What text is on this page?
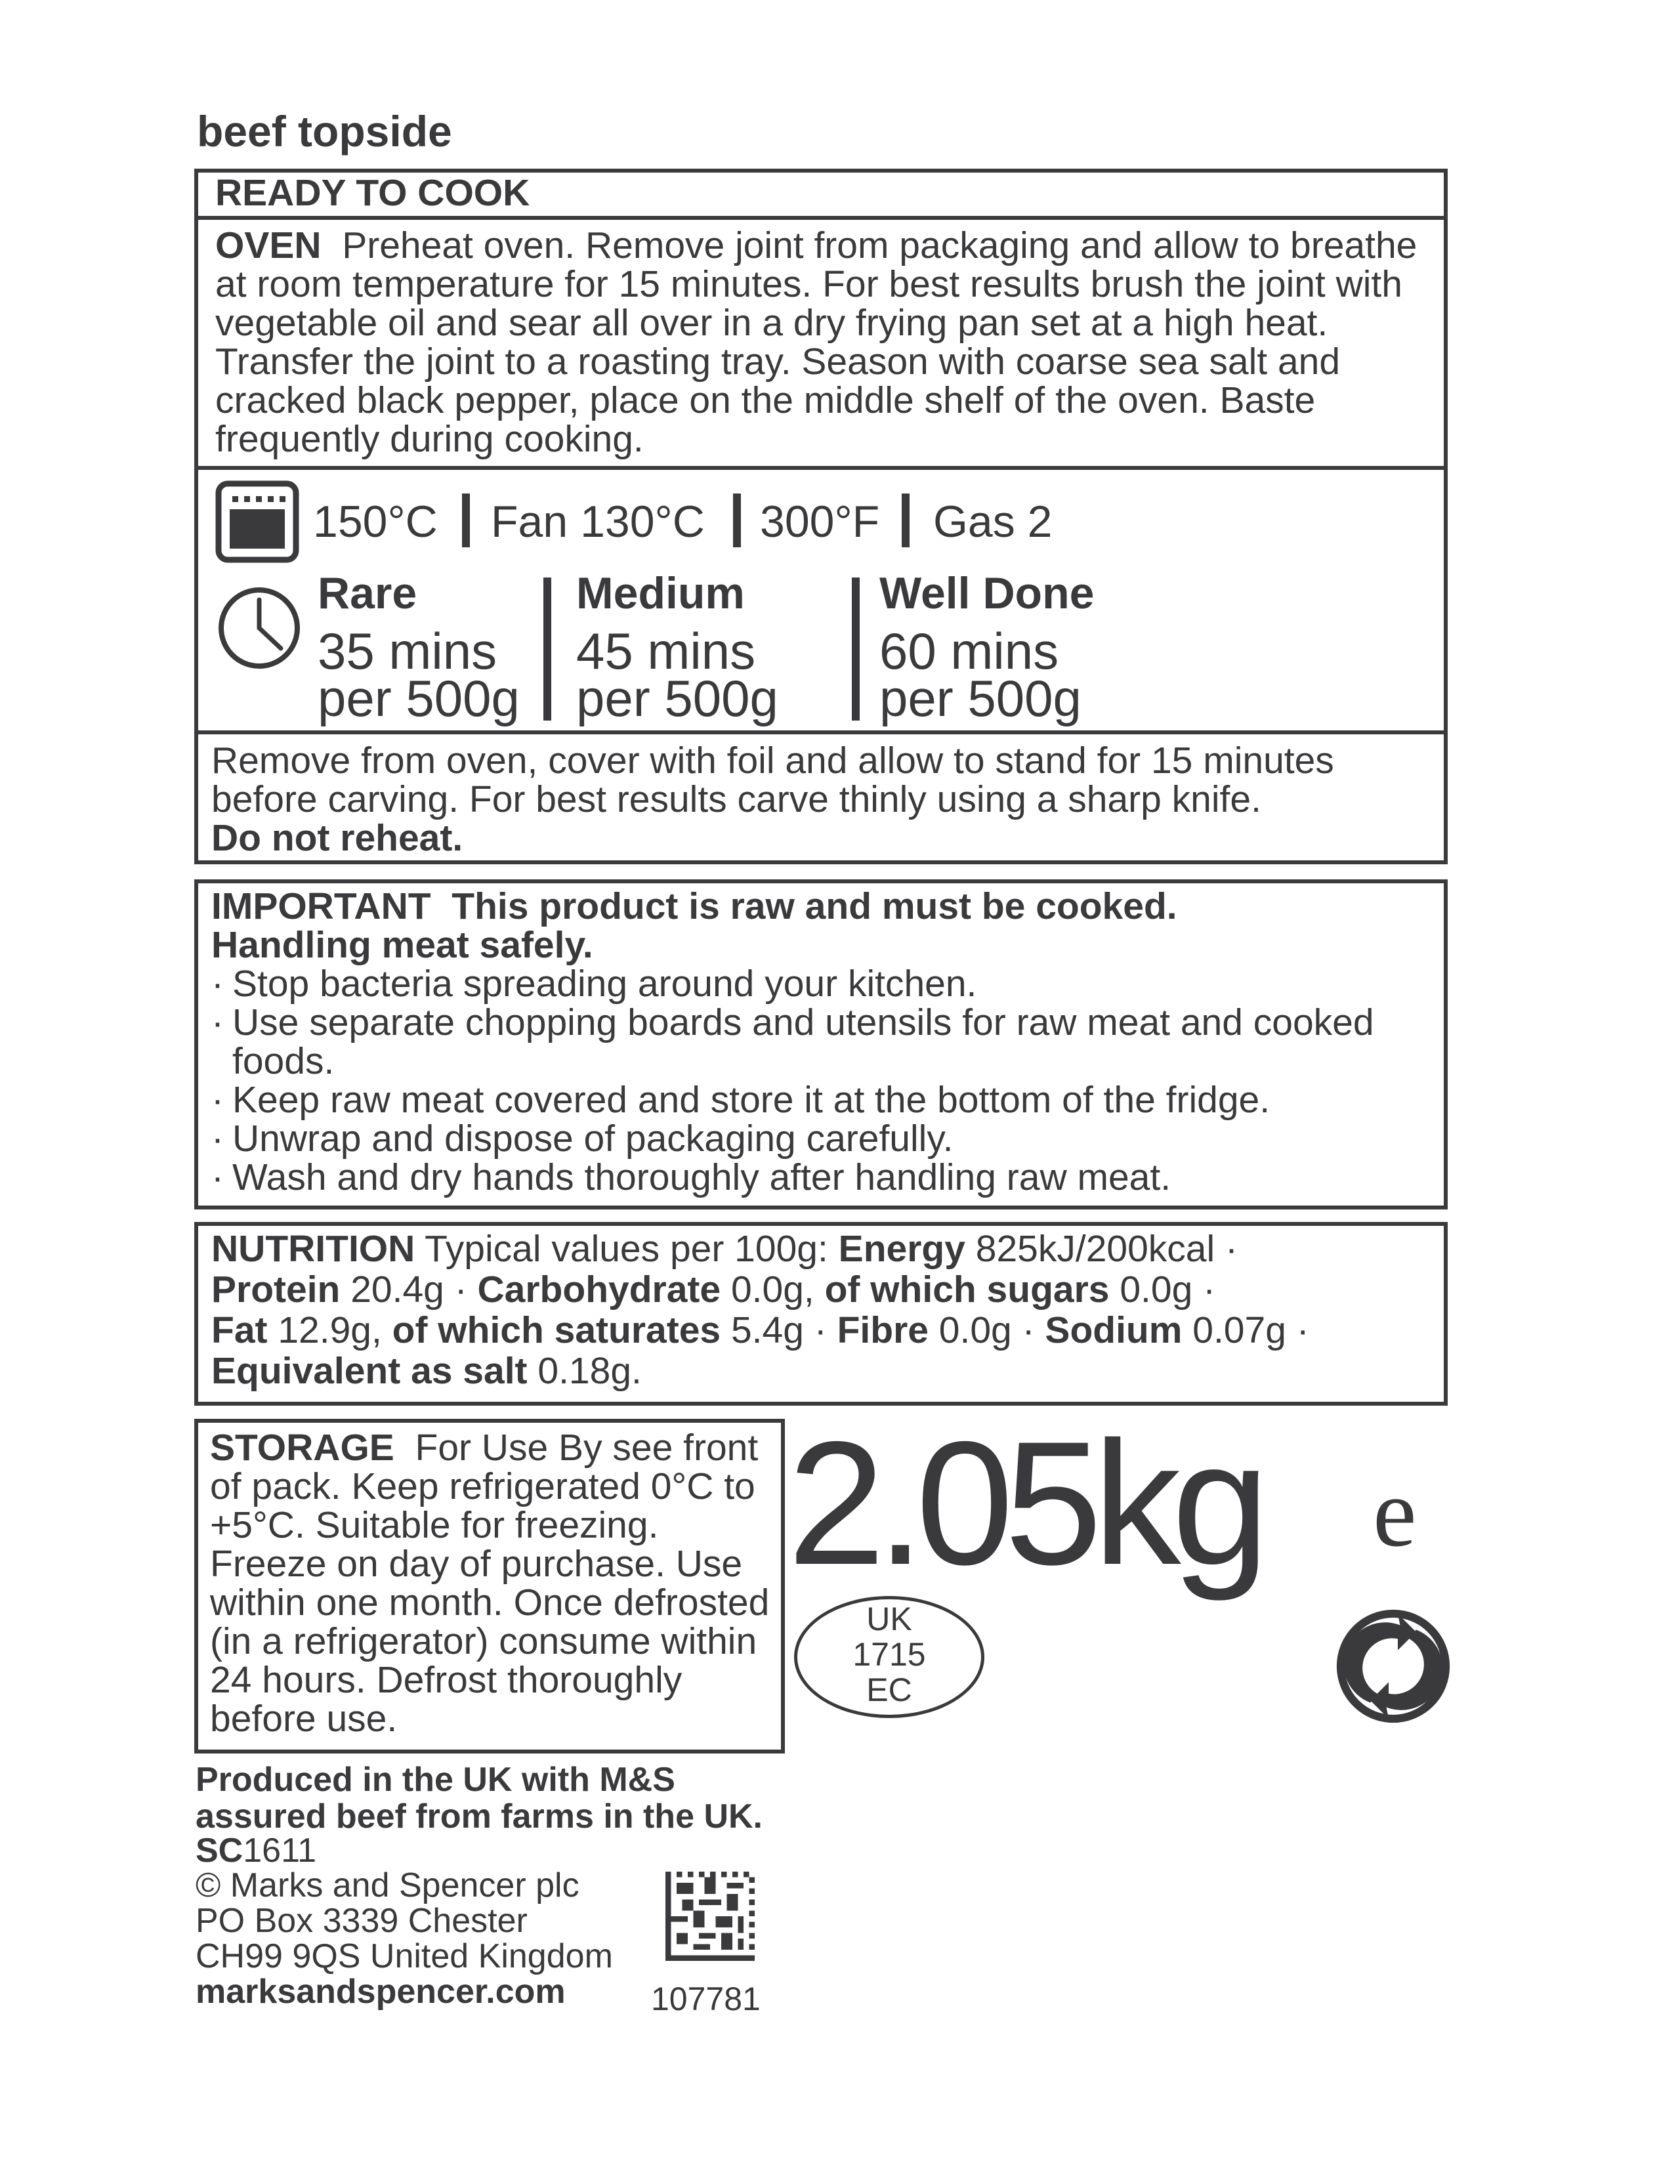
beef topside
READY TO COOK
OVEN Preheat oven. Remove joint from packaging and allow to breathe at room temperature for 15 minutes. For best results brush the joint with vegetable oil and sear all over in a dry frying pan set at a high heat. Transfer the joint to a roasting tray. Season with coarse sea salt and cracked black pepper, place on the middle shelf of the oven. Baste frequently during cooking.
150°C Fan 130°C 300°F Gas 2
Rare
35 mins
per 500g
Medium
45 mins
per 500g
Well Done
60 mins
per 500g
Remove from oven, cover with foil and allow to stand for 15 minutes before carving. For best results carve thinly using a sharp knife.
Do not reheat.
IMPORTANT This product is raw and must be cooked.
Handling meat safely.
· Stop bacteria spreading around your kitchen.
· Use separate chopping boards and utensils for raw meat and cooked foods.
· Keep raw meat covered and store it at the bottom of the fridge.
· Unwrap and dispose of packaging carefully.
· Wash and dry hands thoroughly after handling raw meat.
NUTRITION Typical values per 100g: Energy 825kJ/200kcal ·
Protein 20.4g · Carbohydrate 0.0g, of which sugars 0.0g ·
Fat 12.9g, of which saturates 5.4g · Fibre 0.0g · Sodium 0.07g ·
Equivalent as salt 0.18g.
STORAGE For Use By see front of pack. Keep refrigerated 0°C to +5°C. Suitable for freezing. Freeze on day of purchase. Use within one month. Once defrosted (in a refrigerator) consume within 24 hours. Defrost thoroughly before use.
2.05kg e
UK
1715
EC
Produced in the UK with M&S assured beef from farms in the UK.
SC1611
© Marks and Spencer plc
PO Box 3339 Chester
CH99 9QS United Kingdom
marksandspencer.com	107781
